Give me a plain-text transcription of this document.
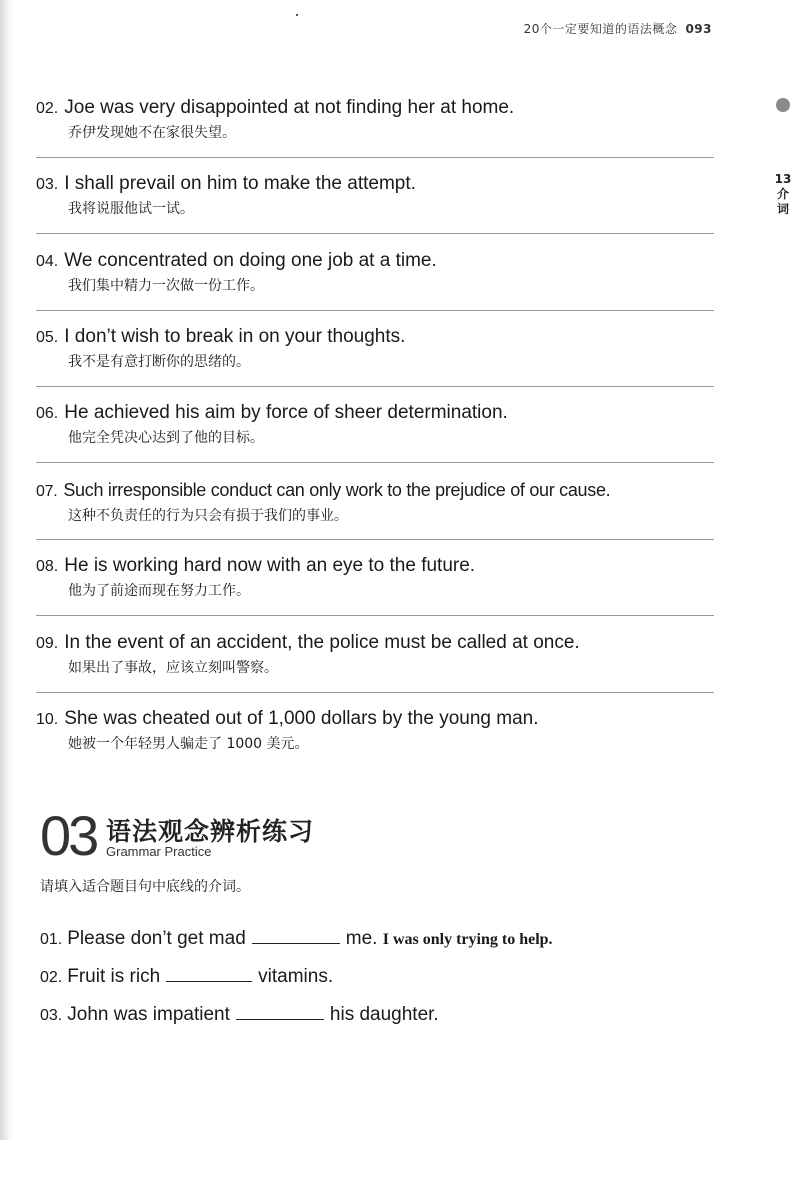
20个一定要知道的语法概念 093
13
介
词
02. Joe was very disappointed at not finding her at home.
乔伊发现她不在家很失望。
03. I shall prevail on him to make the attempt.
我将说服他试一试。
04. We concentrated on doing one job at a time.
我们集中精力一次做一份工作。
05. I don’t wish to break in on your thoughts.
我不是有意打断你的思绪的。
06. He achieved his aim by force of sheer determination.
他完全凭决心达到了他的目标。
07. Such irresponsible conduct can only work to the prejudice of our cause.
这种不负责任的行为只会有损于我们的事业。
08. He is working hard now with an eye to the future.
他为了前途而现在努力工作。
09. In the event of an accident, the police must be called at once.
如果出了事故，应该立刻叫警察。
10. She was cheated out of 1,000 dollars by the young man.
她被一个年轻男人骗走了 1000 美元。
03 语法观念辨析练习
Grammar Practice
请填入适合题目句中底线的介词。
01. Please don’t get mad	me. I was only trying to help.
02. Fruit is rich	vitamins.
03. John was impatient	his daughter.
